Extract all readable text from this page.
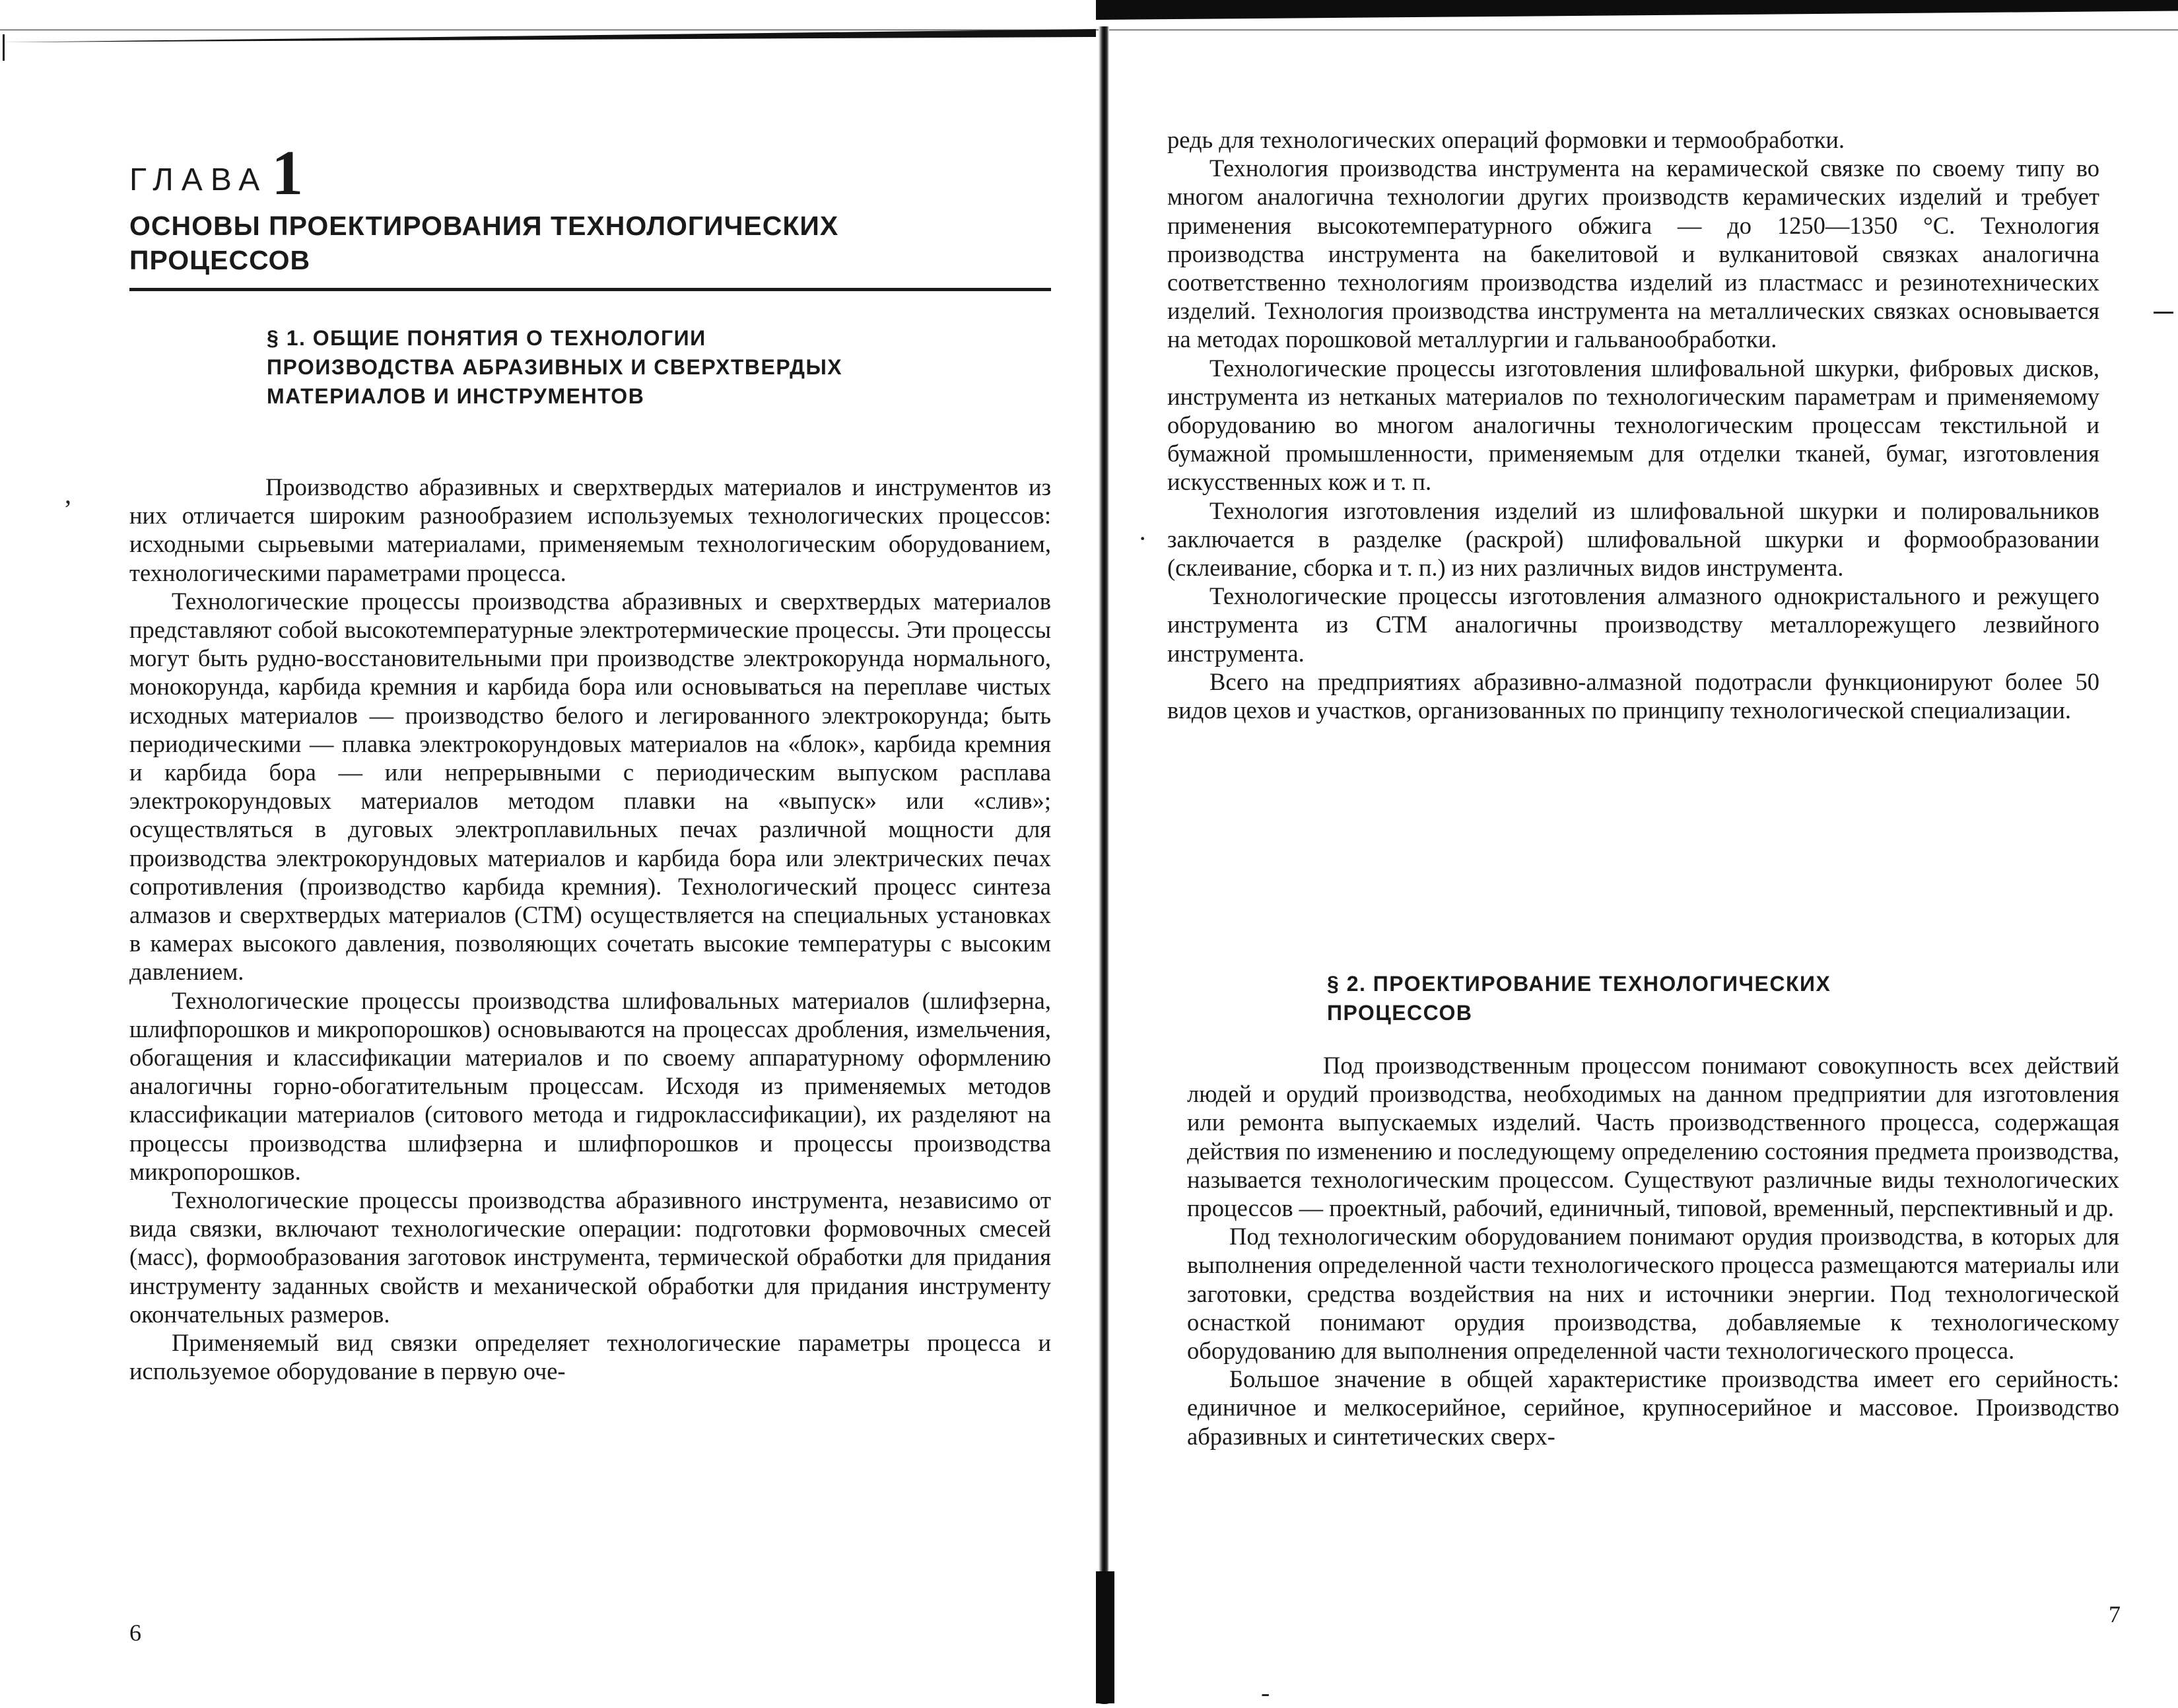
ʼ
·
-
ГЛАВА1
ОСНОВЫ ПРОЕКТИРОВАНИЯ ТЕХНОЛОГИЧЕСКИХ
ПРОЦЕССОВ
§ 1. ОБЩИЕ ПОНЯТИЯ О ТЕХНОЛОГИИ
ПРОИЗВОДСТВА АБРАЗИВНЫХ И СВЕРХТВЕРДЫХ
МАТЕРИАЛОВ И ИНСТРУМЕНТОВ

Производство абразивных и сверхтвердых материалов и инструментов из них отличается широким разнообразием используемых технологических процессов: исходными сырьевыми материалами, применяемым технологическим оборудованием, технологическими параметрами процесса.

Технологические процессы производства абразивных и сверхтвердых материалов представляют собой высокотемпературные электротермические процессы. Эти процессы могут быть рудно-восстановительными при производстве электрокорунда нормального, монокорунда, карбида кремния и карбида бора или основываться на переплаве чистых исходных материалов — производство белого и легированного электрокорунда; быть периодическими — плавка электрокорундовых материалов на «блок», карбида кремния и карбида бора — или непрерывными с периодическим выпуском расплава электрокорундовых материалов методом плавки на «выпуск» или «слив»; осуществляться в дуговых электроплавильных печах различной мощности для производства электрокорундовых материалов и карбида бора или электрических печах сопротивления (производство карбида кремния). Технологический процесс синтеза алмазов и сверхтвердых материалов (СТМ) осуществляется на специальных установках в камерах высокого давления, позволяющих сочетать высокие температуры с высоким давлением.

Технологические процессы производства шлифовальных материалов (шлифзерна, шлифпорошков и микропорошков) основываются на процессах дробления, измельчения, обогащения и классификации материалов и по своему аппаратурному оформлению аналогичны горно-обогатительным процессам. Исходя из применяемых методов классификации материалов (ситового метода и гидроклассификации), их разделяют на процессы производства шлифзерна и шлифпорошков и процессы производства микропорошков.

Технологические процессы производства абразивного инструмента, независимо от вида связки, включают технологические операции: подготовки формовочных смесей (масс), формообразования заготовок инструмента, термической обработки для придания инструменту заданных свойств и механической обработки для придания инструменту окончательных размеров.

Применяемый вид связки определяет технологические параметры процесса и используемое оборудование в первую оче-

6

редь для технологических операций формовки и термообработки.

Технология производства инструмента на керамической связке по своему типу во многом аналогична технологии других производств керамических изделий и требует применения высокотемпературного обжига — до 1250—1350 °С. Технология производства инструмента на бакелитовой и вулканитовой связках аналогична соответственно технологиям производства изделий из пластмасс и резинотехнических изделий. Технология производства инструмента на металлических связках основывается на методах порошковой металлургии и гальванообработки.

Технологические процессы изготовления шлифовальной шкурки, фибровых дисков, инструмента из нетканых материалов по технологическим параметрам и применяемому оборудованию во многом аналогичны технологическим процессам текстильной и бумажной промышленности, применяемым для отделки тканей, бумаг, изготовления искусственных кож и т. п.

Технология изготовления изделий из шлифовальной шкурки и полировальников заключается в разделке (раскрой) шлифовальной шкурки и формообразовании (склеивание, сборка и т. п.) из них различных видов инструмента.

Технологические процессы изготовления алмазного однокристального и режущего инструмента из СТМ аналогичны производству металлорежущего лезвийного инструмента.

Всего на предприятиях абразивно-алмазной подотрасли функционируют более 50 видов цехов и участков, организованных по принципу технологической специализации.

§ 2. ПРОЕКТИРОВАНИЕ ТЕХНОЛОГИЧЕСКИХ
ПРОЦЕССОВ

Под производственным процессом понимают совокупность всех действий людей и орудий производства, необходимых на данном предприятии для изготовления или ремонта выпускаемых изделий. Часть производственного процесса, содержащая действия по изменению и последующему определению состояния предмета производства, называется технологическим процессом. Существуют различные виды технологических процессов — проектный, рабочий, единичный, типовой, временный, перспективный и др.

Под технологическим оборудованием понимают орудия производства, в которых для выполнения определенной части технологического процесса размещаются материалы или заготовки, средства воздействия на них и источники энергии. Под технологической оснасткой понимают орудия производства, добавляемые к технологическому оборудованию для выполнения определенной части технологического процесса.

Большое значение в общей характеристике производства имеет его серийность: единичное и мелкосерийное, серийное, крупносерийное и массовое. Производство абразивных и синтетических сверх-

7
